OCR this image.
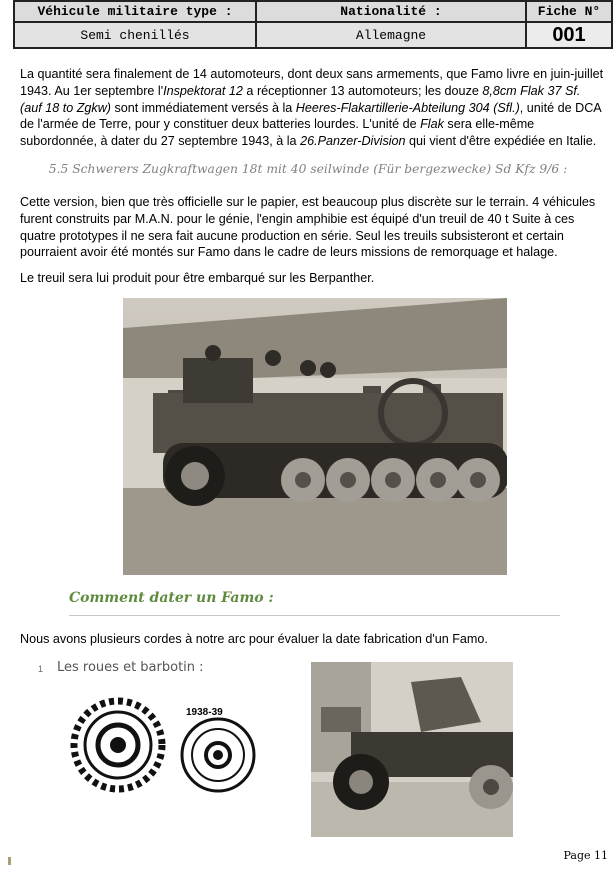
Véhicule militaire type :	Nationalité :	Fiche N°
Semi chenillés	Allemagne	001

La quantité sera finalement de 14 automoteurs, dont deux sans armements, que Famo livre en juin-juillet 1943. Au 1er septembre l'Inspektorat 12 a réceptionner 13 automoteurs; les douze 8,8cm Flak 37 Sf. (auf 18 to Zgkw) sont immédiatement versés à la Heeres-Flakartillerie-Abteilung 304 (Sfl.), unité de DCA de l'armée de Terre, pour y constituer deux batteries lourdes. L'unité de Flak sera elle-même subordonnée, à dater du 27 septembre 1943, à la 26.Panzer-Division qui vient d'être expédiée en Italie.

5.5 Schwerers Zugkraftwagen 18t mit 40 seilwinde (Für bergezwecke) Sd Kfz 9/6 :

Cette version, bien que très officielle sur le papier, est beaucoup plus discrète sur le terrain. 4 véhicules furent construits par M.A.N. pour le génie, l'engin amphibie est équipé d'un treuil de 40 t Suite à ces quatre prototypes il ne sera fait aucune production en série. Seul les treuils subsisteront et certain pourraient avoir été montés sur Famo dans le cadre de leurs missions de remorquage et halage.

Le treuil sera lui produit pour être embarqué sur les Berpanther.

Comment dater un Famo :

Nous avons plusieurs cordes à notre arc pour évaluer la date fabrication d'un Famo.

1 Les roues et barbotin :
1938-39
Page 11
